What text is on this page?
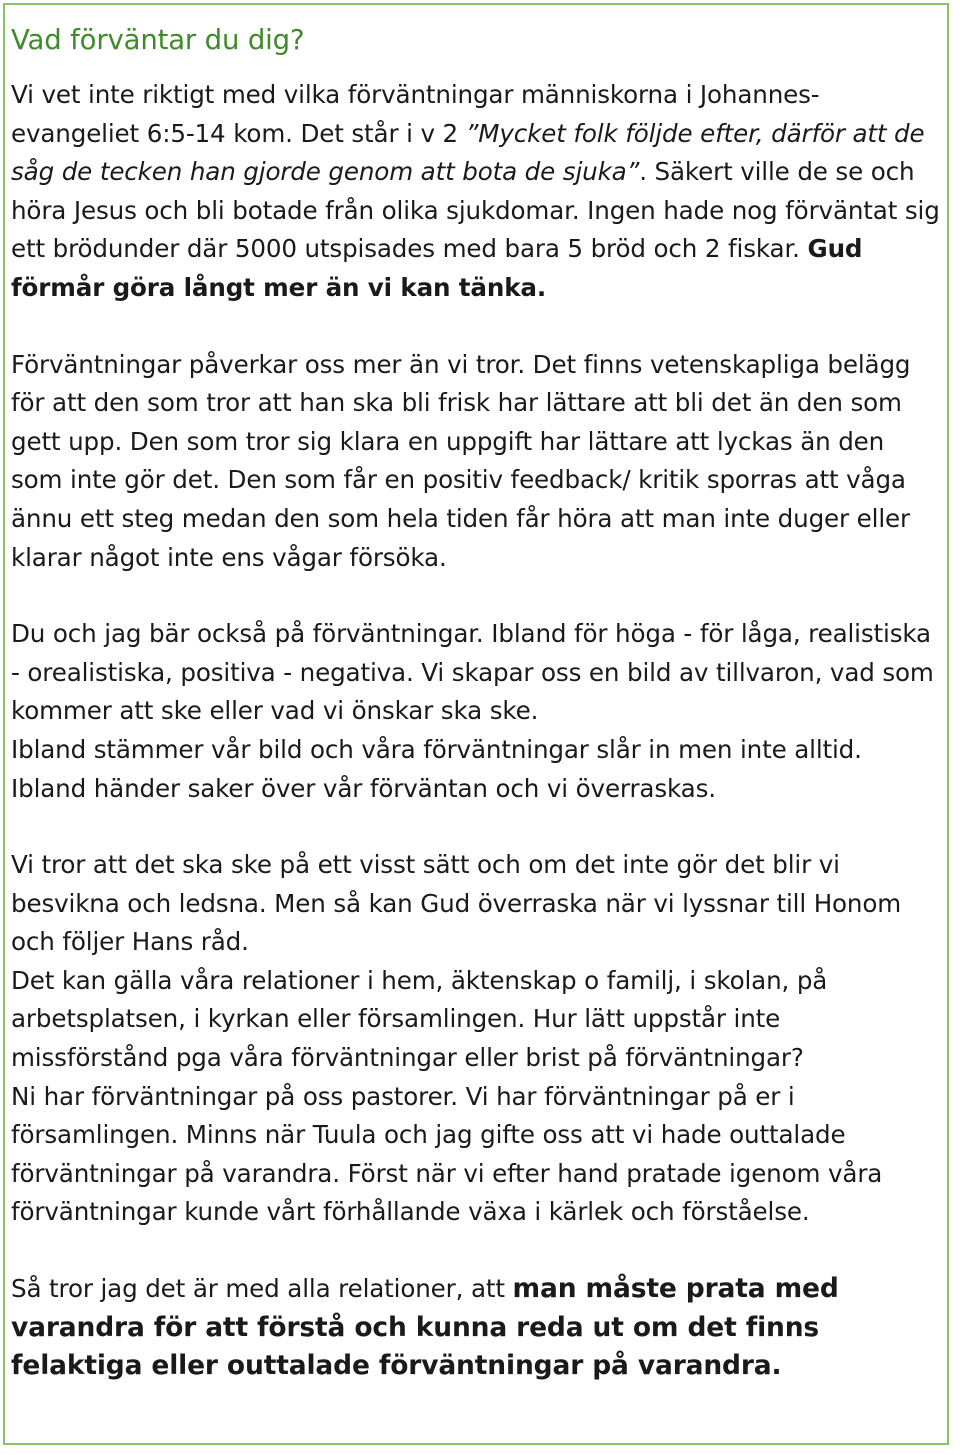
Vad förväntar du dig?

Vi vet inte riktigt med vilka förväntningar människorna i Johannes-evangeliet 6:5-14 kom. Det står i v 2 ”Mycket folk följde efter, därför att de såg de tecken han gjorde genom att bota de sjuka”. Säkert ville de se och höra Jesus och bli botade från olika sjukdomar. Ingen hade nog förväntat sig ett brödunder där 5000 utspisades med bara 5 bröd och 2 fiskar. Gud förmår göra långt mer än vi kan tänka.

Förväntningar påverkar oss mer än vi tror. Det finns vetenskapliga belägg för att den som tror att han ska bli frisk har lättare att bli det än den som gett upp. Den som tror sig klara en uppgift har lättare att lyckas än den som inte gör det. Den som får en positiv feedback/ kritik sporras att våga ännu ett steg medan den som hela tiden får höra att man inte duger eller klarar något inte ens vågar försöka.

Du och jag bär också på förväntningar. Ibland för höga - för låga, realistiska - orealistiska, positiva - negativa. Vi skapar oss en bild av tillvaron, vad som kommer att ske eller vad vi önskar ska ske.

Ibland stämmer vår bild och våra förväntningar slår in men inte alltid.

Ibland händer saker över vår förväntan och vi överraskas.

Vi tror att det ska ske på ett visst sätt och om det inte gör det blir vi besvikna och ledsna. Men så kan Gud överraska när vi lyssnar till Honom och följer Hans råd.

Det kan gälla våra relationer i hem, äktenskap o familj, i skolan, på arbetsplatsen, i kyrkan eller församlingen. Hur lätt uppstår inte missförstånd pga våra förväntningar eller brist på förväntningar?

Ni har förväntningar på oss pastorer. Vi har förväntningar på er i församlingen. Minns när Tuula och jag gifte oss att vi hade outtalade förväntningar på varandra. Först när vi efter hand pratade igenom våra förväntningar kunde vårt förhållande växa i kärlek och förståelse.

Så tror jag det är med alla relationer, att man måste prata med varandra för att förstå och kunna reda ut om det finns felaktiga eller outtalade förväntningar på varandra.
